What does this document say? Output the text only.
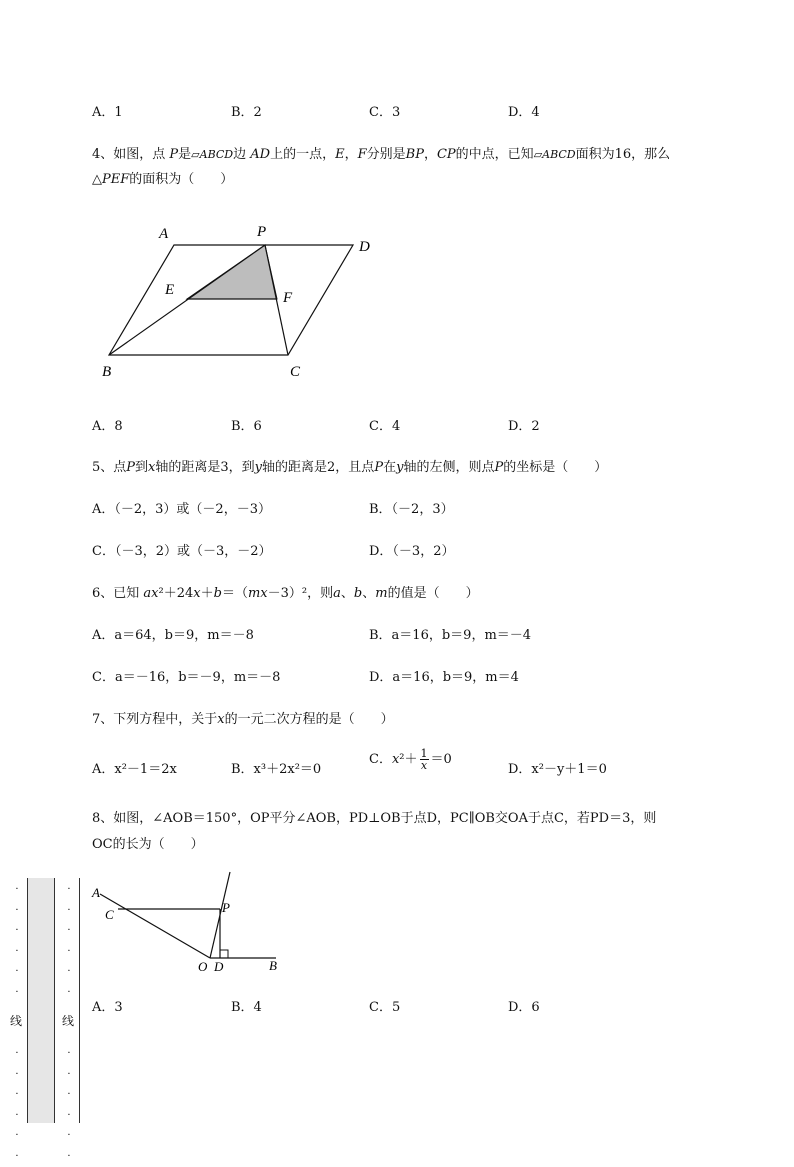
A．1	B．2	C．3	D．4
4、如图，点 P是▱ABCD边 AD上的一点，E，F分别是BP，CP的中点，已知▱ABCD面积为16，那么
△PEF的面积为（　　）
A	P
D
E	F
B	C
A．8	B．6	C．4	D．2
5、点P到x轴的距离是3，到y轴的距离是2，且点P在y轴的左侧，则点P的坐标是（　　）
A．（－2，3）或（－2，－3）	B．（－2，3）
C．（－3，2）或（－3，－2）	D．（－3，2）
6、已知 ax²＋24x＋b＝（mx－3）²，则a、b、m的值是（　　）
A．a＝64，b＝9，m＝－8	B．a＝16，b＝9，m＝－4
C．a＝－16，b＝－9，m＝－8	D．a＝16，b＝9，m＝4
7、下列方程中，关于x的一元二次方程的是（　　）
A．x²－1＝2x	B．x³＋2x²＝0
C．$x^2+ \frac{1}{x} =0$
D．x²－y＋1＝0
8、如图，∠AOB＝150°，OP平分∠AOB，PD⊥OB于点D，PC∥OB交OA于点C，若PD＝3，则
OC的长为（　　）
A
C	P
O D	B
A．3	B．4	C．5	D．6
·
·
·
·
·
·

·
·
·
·
·
·
·
·
·
·
·
·

·
·
·
·
·
·
线	线
